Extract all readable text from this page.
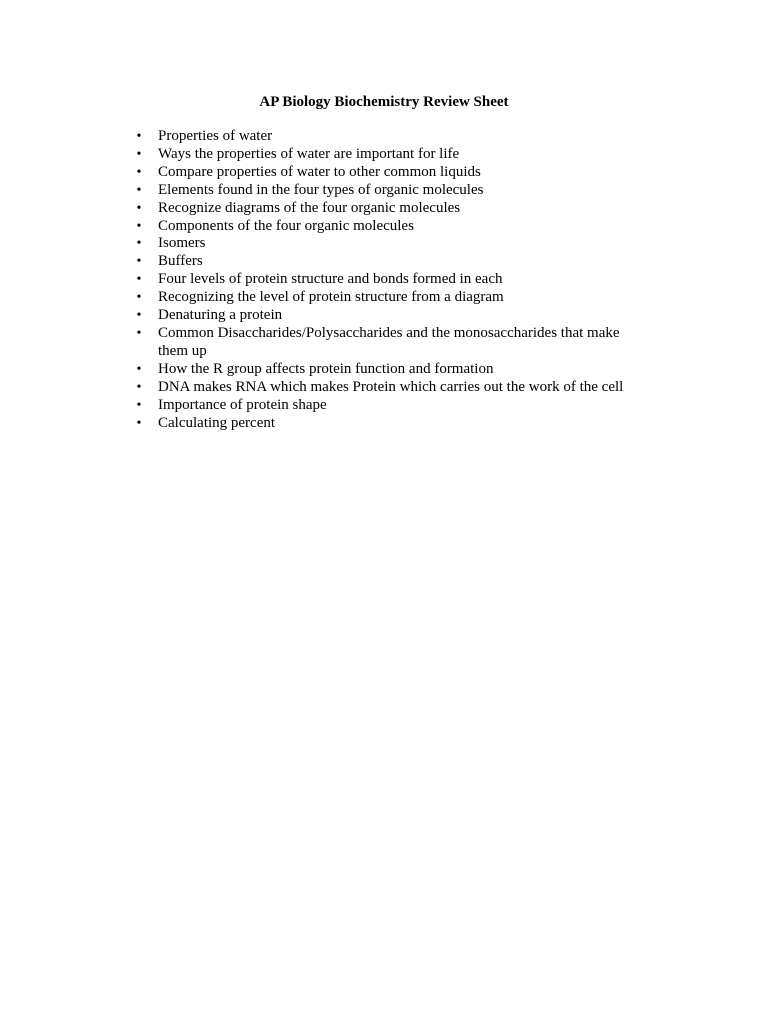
AP Biology Biochemistry Review Sheet
• Properties of water
• Ways the properties of water are important for life
• Compare properties of water to other common liquids
• Elements found in the four types of organic molecules
• Recognize diagrams of the four organic molecules
• Components of the four organic molecules
• Isomers
• Buffers
• Four levels of protein structure and bonds formed in each
• Recognizing the level of protein structure from a diagram
• Denaturing a protein
• Common Disaccharides/Polysaccharides and the monosaccharides that make them up
• How the R group affects protein function and formation
• DNA makes RNA which makes Protein which carries out the work of the cell
• Importance of protein shape
• Calculating percent
